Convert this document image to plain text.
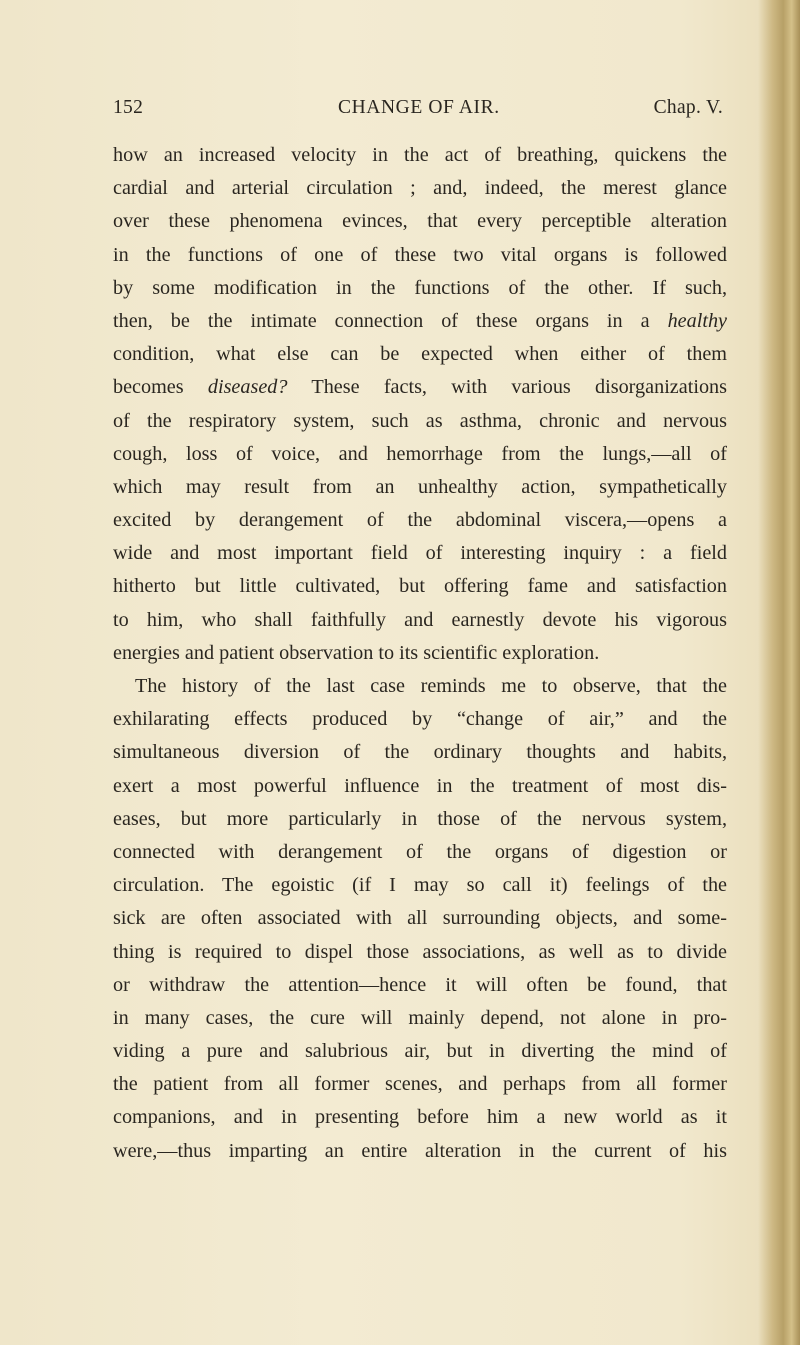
152	CHANGE OF AIR.	Chap. V.
how an increased velocity in the act of breathing, quickens the
cardial and arterial circulation ; and, indeed, the merest glance
over these phenomena evinces, that every perceptible alteration
in the functions of one of these two vital organs is followed
by some modification in the functions of the other. If such,
then, be the intimate connection of these organs in a healthy
condition, what else can be expected when either of them
becomes diseased? These facts, with various disorganizations
of the respiratory system, such as asthma, chronic and nervous
cough, loss of voice, and hemorrhage from the lungs,—all of
which may result from an unhealthy action, sympathetically
excited by derangement of the abdominal viscera,—opens a
wide and most important field of interesting inquiry : a field
hitherto but little cultivated, but offering fame and satisfaction
to him, who shall faithfully and earnestly devote his vigorous
energies and patient observation to its scientific exploration.
The history of the last case reminds me to observe, that the
exhilarating effects produced by “change of air,” and the
simultaneous diversion of the ordinary thoughts and habits,
exert a most powerful influence in the treatment of most dis-
eases, but more particularly in those of the nervous system,
connected with derangement of the organs of digestion or
circulation. The egoistic (if I may so call it) feelings of the
sick are often associated with all surrounding objects, and some-
thing is required to dispel those associations, as well as to divide
or withdraw the attention—hence it will often be found, that
in many cases, the cure will mainly depend, not alone in pro-
viding a pure and salubrious air, but in diverting the mind of
the patient from all former scenes, and perhaps from all former
companions, and in presenting before him a new world as it
were,—thus imparting an entire alteration in the current of his
